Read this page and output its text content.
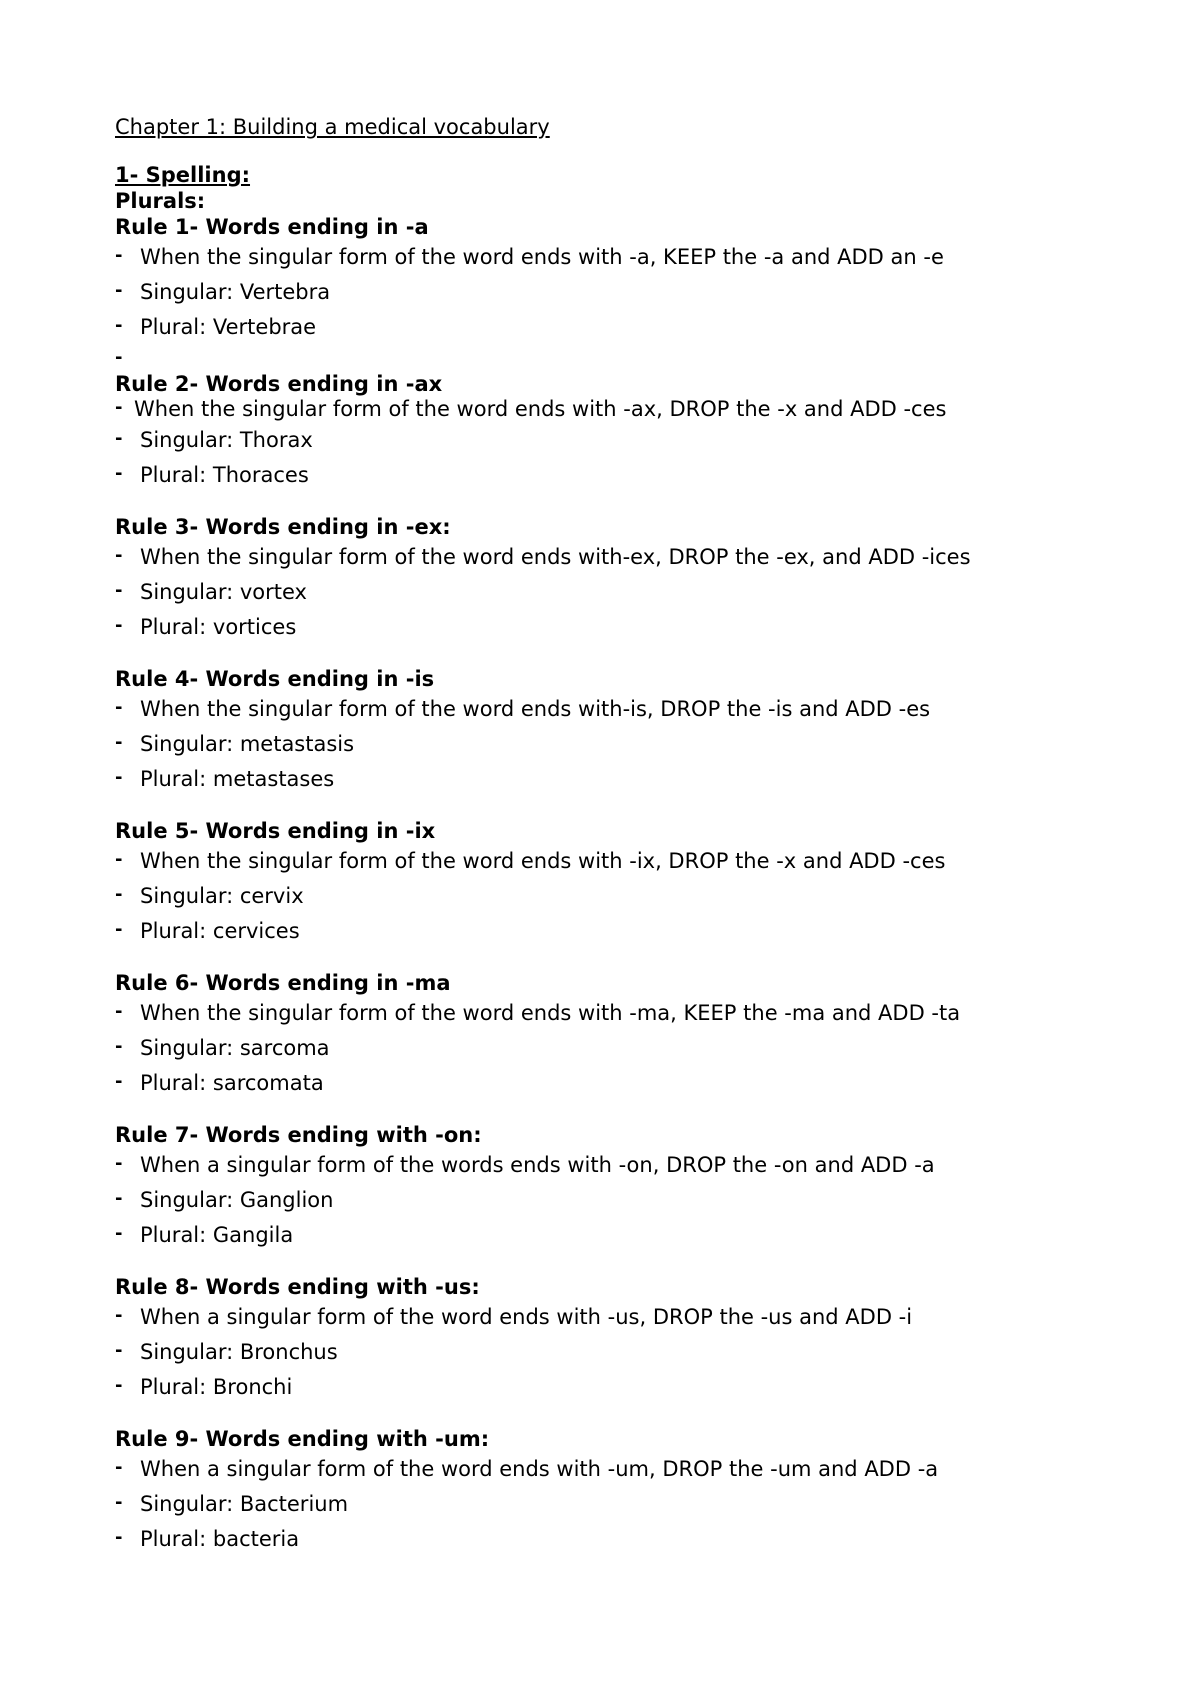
Chapter 1: Building a medical vocabulary
1- Spelling:
Plurals:
Rule 1- Words ending in -a
- When the singular form of the word ends with -a, KEEP the -a and ADD an -e
- Singular: Vertebra
- Plural: Vertebrae
-
Rule 2- Words ending in -ax
- When the singular form of the word ends with -ax, DROP the -x and ADD -ces
- Singular: Thorax
- Plural: Thoraces
Rule 3- Words ending in -ex:
- When the singular form of the word ends with-ex, DROP the -ex, and ADD -ices
- Singular: vortex
- Plural: vortices
Rule 4- Words ending in -is
- When the singular form of the word ends with-is, DROP the -is and ADD -es
- Singular: metastasis
- Plural: metastases
Rule 5- Words ending in -ix
- When the singular form of the word ends with -ix, DROP the -x and ADD -ces
- Singular: cervix
- Plural: cervices
Rule 6- Words ending in -ma
- When the singular form of the word ends with -ma, KEEP the -ma and ADD -ta
- Singular: sarcoma
- Plural: sarcomata
Rule 7- Words ending with -on:
- When a singular form of the words ends with -on, DROP the -on and ADD -a
- Singular: Ganglion
- Plural: Gangila
Rule 8- Words ending with -us:
- When a singular form of the word ends with -us, DROP the -us and ADD -i
- Singular: Bronchus
- Plural: Bronchi
Rule 9- Words ending with -um:
- When a singular form of the word ends with -um, DROP the -um and ADD -a
- Singular: Bacterium
- Plural: bacteria
